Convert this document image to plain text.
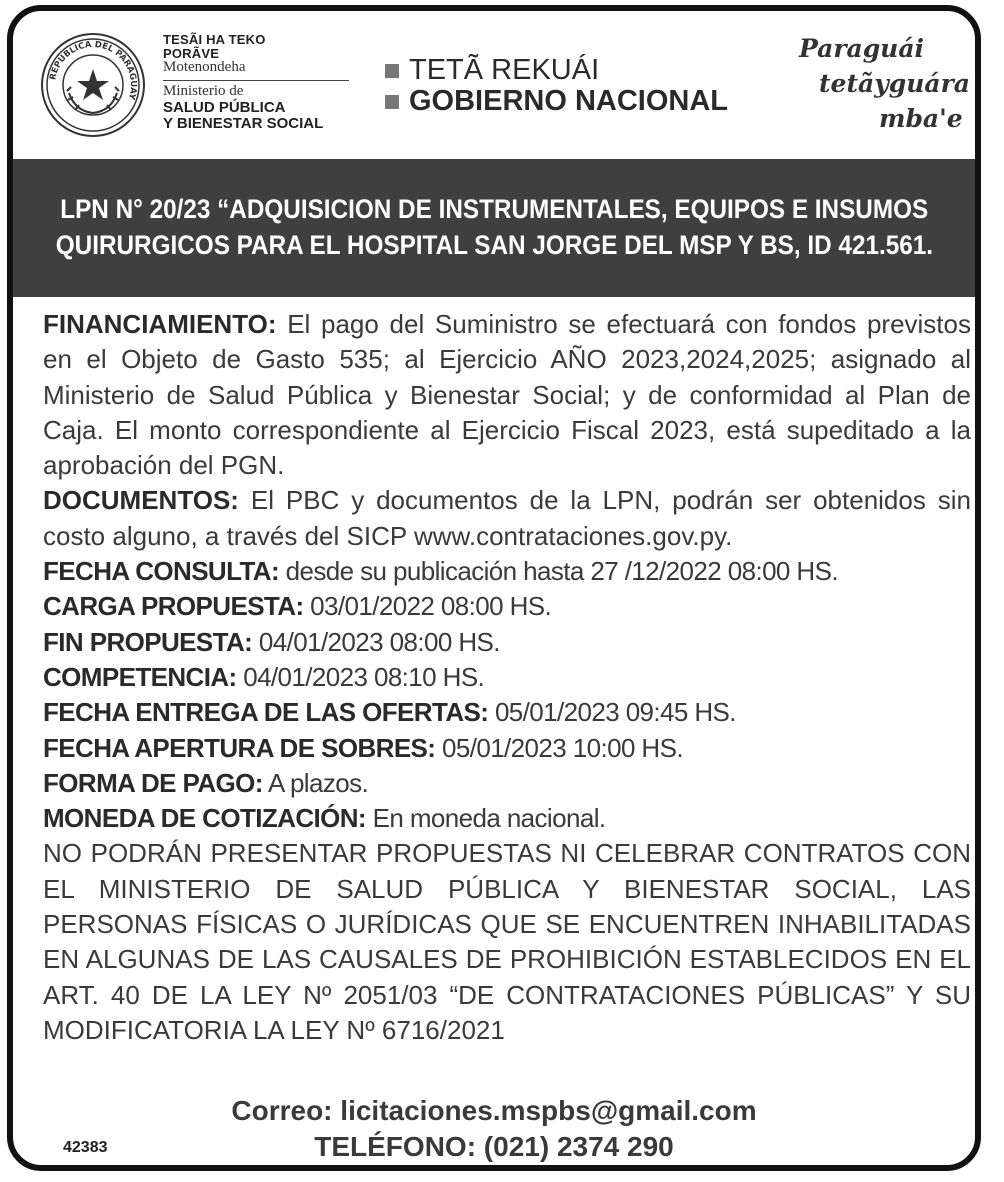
REPÚBLICA DEL PARAGUAY
TESÃI HA TEKO
PORÃVE
Motenondeha
Ministerio de
SALUD PÚBLICA
Y BIENESTAR SOCIAL
TETÃ REKUÁI
GOBIERNO NACIONAL
Paraguái
tetãyguára
mba'e
LPN N° 20/23 “ADQUISICION DE INSTRUMENTALES, EQUIPOS E INSUMOS
QUIRURGICOS PARA EL HOSPITAL SAN JORGE DEL MSP Y BS, ID 421.561.
FINANCIAMIENTO: El pago del Suministro se efectuará con fondos previstos en el Objeto de Gasto 535; al Ejercicio AÑO 2023,2024,2025; asignado al Ministerio de Salud Pública y Bienestar Social; y de conformidad al Plan de Caja. El monto correspondiente al Ejercicio Fiscal 2023, está supeditado a la aprobación del PGN.
DOCUMENTOS: El PBC y documentos de la LPN, podrán ser obtenidos sin costo alguno, a través del SICP www.contrataciones.gov.py.
FECHA CONSULTA: desde su publicación hasta 27 /12/2022 08:00 HS.
CARGA PROPUESTA: 03/01/2022 08:00 HS.
FIN PROPUESTA: 04/01/2023 08:00 HS.
COMPETENCIA: 04/01/2023 08:10 HS.
FECHA ENTREGA DE LAS OFERTAS: 05/01/2023 09:45 HS.
FECHA APERTURA DE SOBRES: 05/01/2023 10:00 HS.
FORMA DE PAGO: A plazos.
MONEDA DE COTIZACIÓN: En moneda nacional.
NO PODRÁN PRESENTAR PROPUESTAS NI CELEBRAR CONTRATOS CON EL MINISTERIO DE SALUD PÚBLICA Y BIENESTAR SOCIAL, LAS PERSONAS FÍSICAS O JURÍDICAS QUE SE ENCUENTREN INHABILITADAS EN ALGUNAS DE LAS CAUSALES DE PROHIBICIÓN ESTABLECIDOS EN EL ART. 40 DE LA LEY Nº 2051/03 “DE CONTRATACIONES PÚBLICAS” Y SU MODIFICATORIA LA LEY Nº 6716/2021
Correo: licitaciones.mspbs@gmail.com
TELÉFONO: (021) 2374 290
42383
